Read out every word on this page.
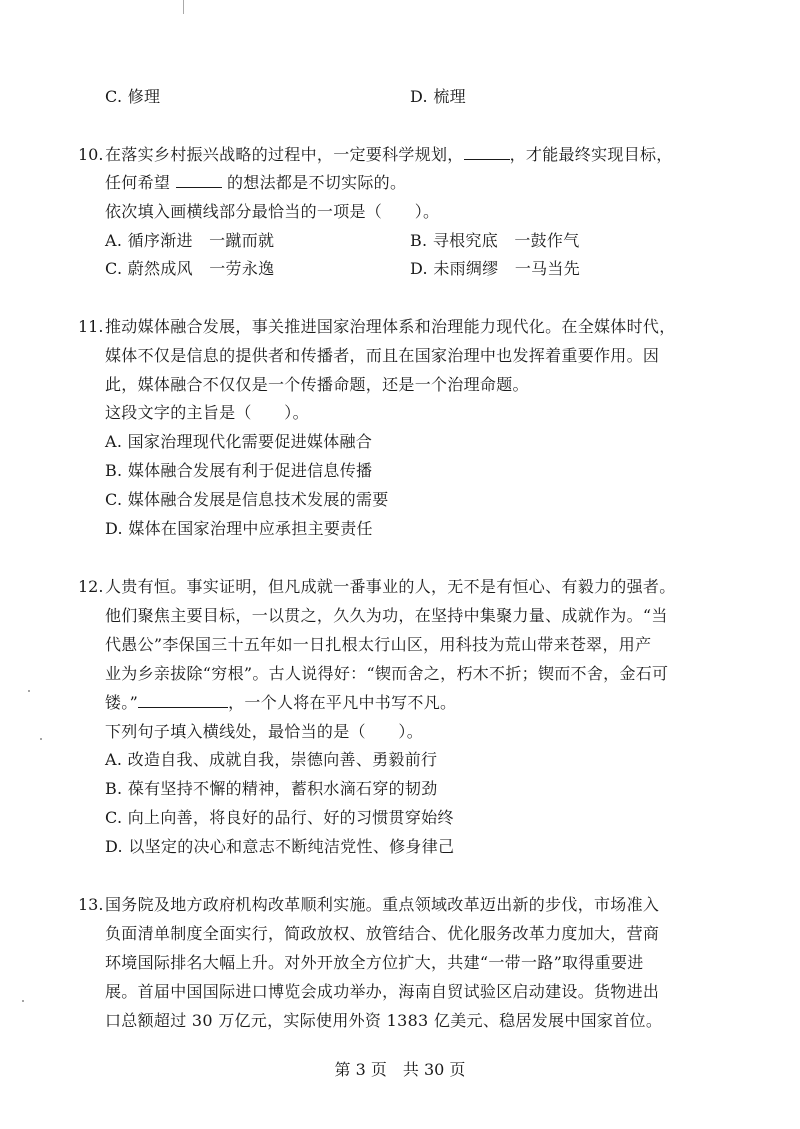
C. 修理	D. 梳理
10. 在落实乡村振兴战略的过程中，一定要科学规划，	，才能最终实现目标，
任何希望	的想法都是不切实际的。
依次填入画横线部分最恰当的一项是（　　）。
A. 循序渐进　一蹴而就	B. 寻根究底　一鼓作气
C. 蔚然成风　一劳永逸	D. 未雨绸缪　一马当先
11. 推动媒体融合发展，事关推进国家治理体系和治理能力现代化。在全媒体时代，
媒体不仅是信息的提供者和传播者，而且在国家治理中也发挥着重要作用。因
此，媒体融合不仅仅是一个传播命题，还是一个治理命题。
这段文字的主旨是（　　）。
A. 国家治理现代化需要促进媒体融合
B. 媒体融合发展有利于促进信息传播
C. 媒体融合发展是信息技术发展的需要
D. 媒体在国家治理中应承担主要责任
12. 人贵有恒。事实证明，但凡成就一番事业的人，无不是有恒心、有毅力的强者。
他们聚焦主要目标，一以贯之，久久为功，在坚持中集聚力量、成就作为。“当
代愚公”李保国三十五年如一日扎根太行山区，用科技为荒山带来苍翠，用产
业为乡亲拔除“穷根”。古人说得好：“锲而舍之，朽木不折；锲而不舍，金石可
镂。”	，一个人将在平凡中书写不凡。
下列句子填入横线处，最恰当的是（　　）。
A. 改造自我、成就自我，崇德向善、勇毅前行
B. 葆有坚持不懈的精神，蓄积水滴石穿的韧劲
C. 向上向善，将良好的品行、好的习惯贯穿始终
D. 以坚定的决心和意志不断纯洁党性、修身律己
13. 国务院及地方政府机构改革顺利实施。重点领域改革迈出新的步伐，市场准入
负面清单制度全面实行，简政放权、放管结合、优化服务改革力度加大，营商
环境国际排名大幅上升。对外开放全方位扩大，共建“一带一路”取得重要进
展。首届中国国际进口博览会成功举办，海南自贸试验区启动建设。货物进出
口总额超过 30 万亿元，实际使用外资 1383 亿美元、稳居发展中国家首位。
第 3 页　共 30 页
